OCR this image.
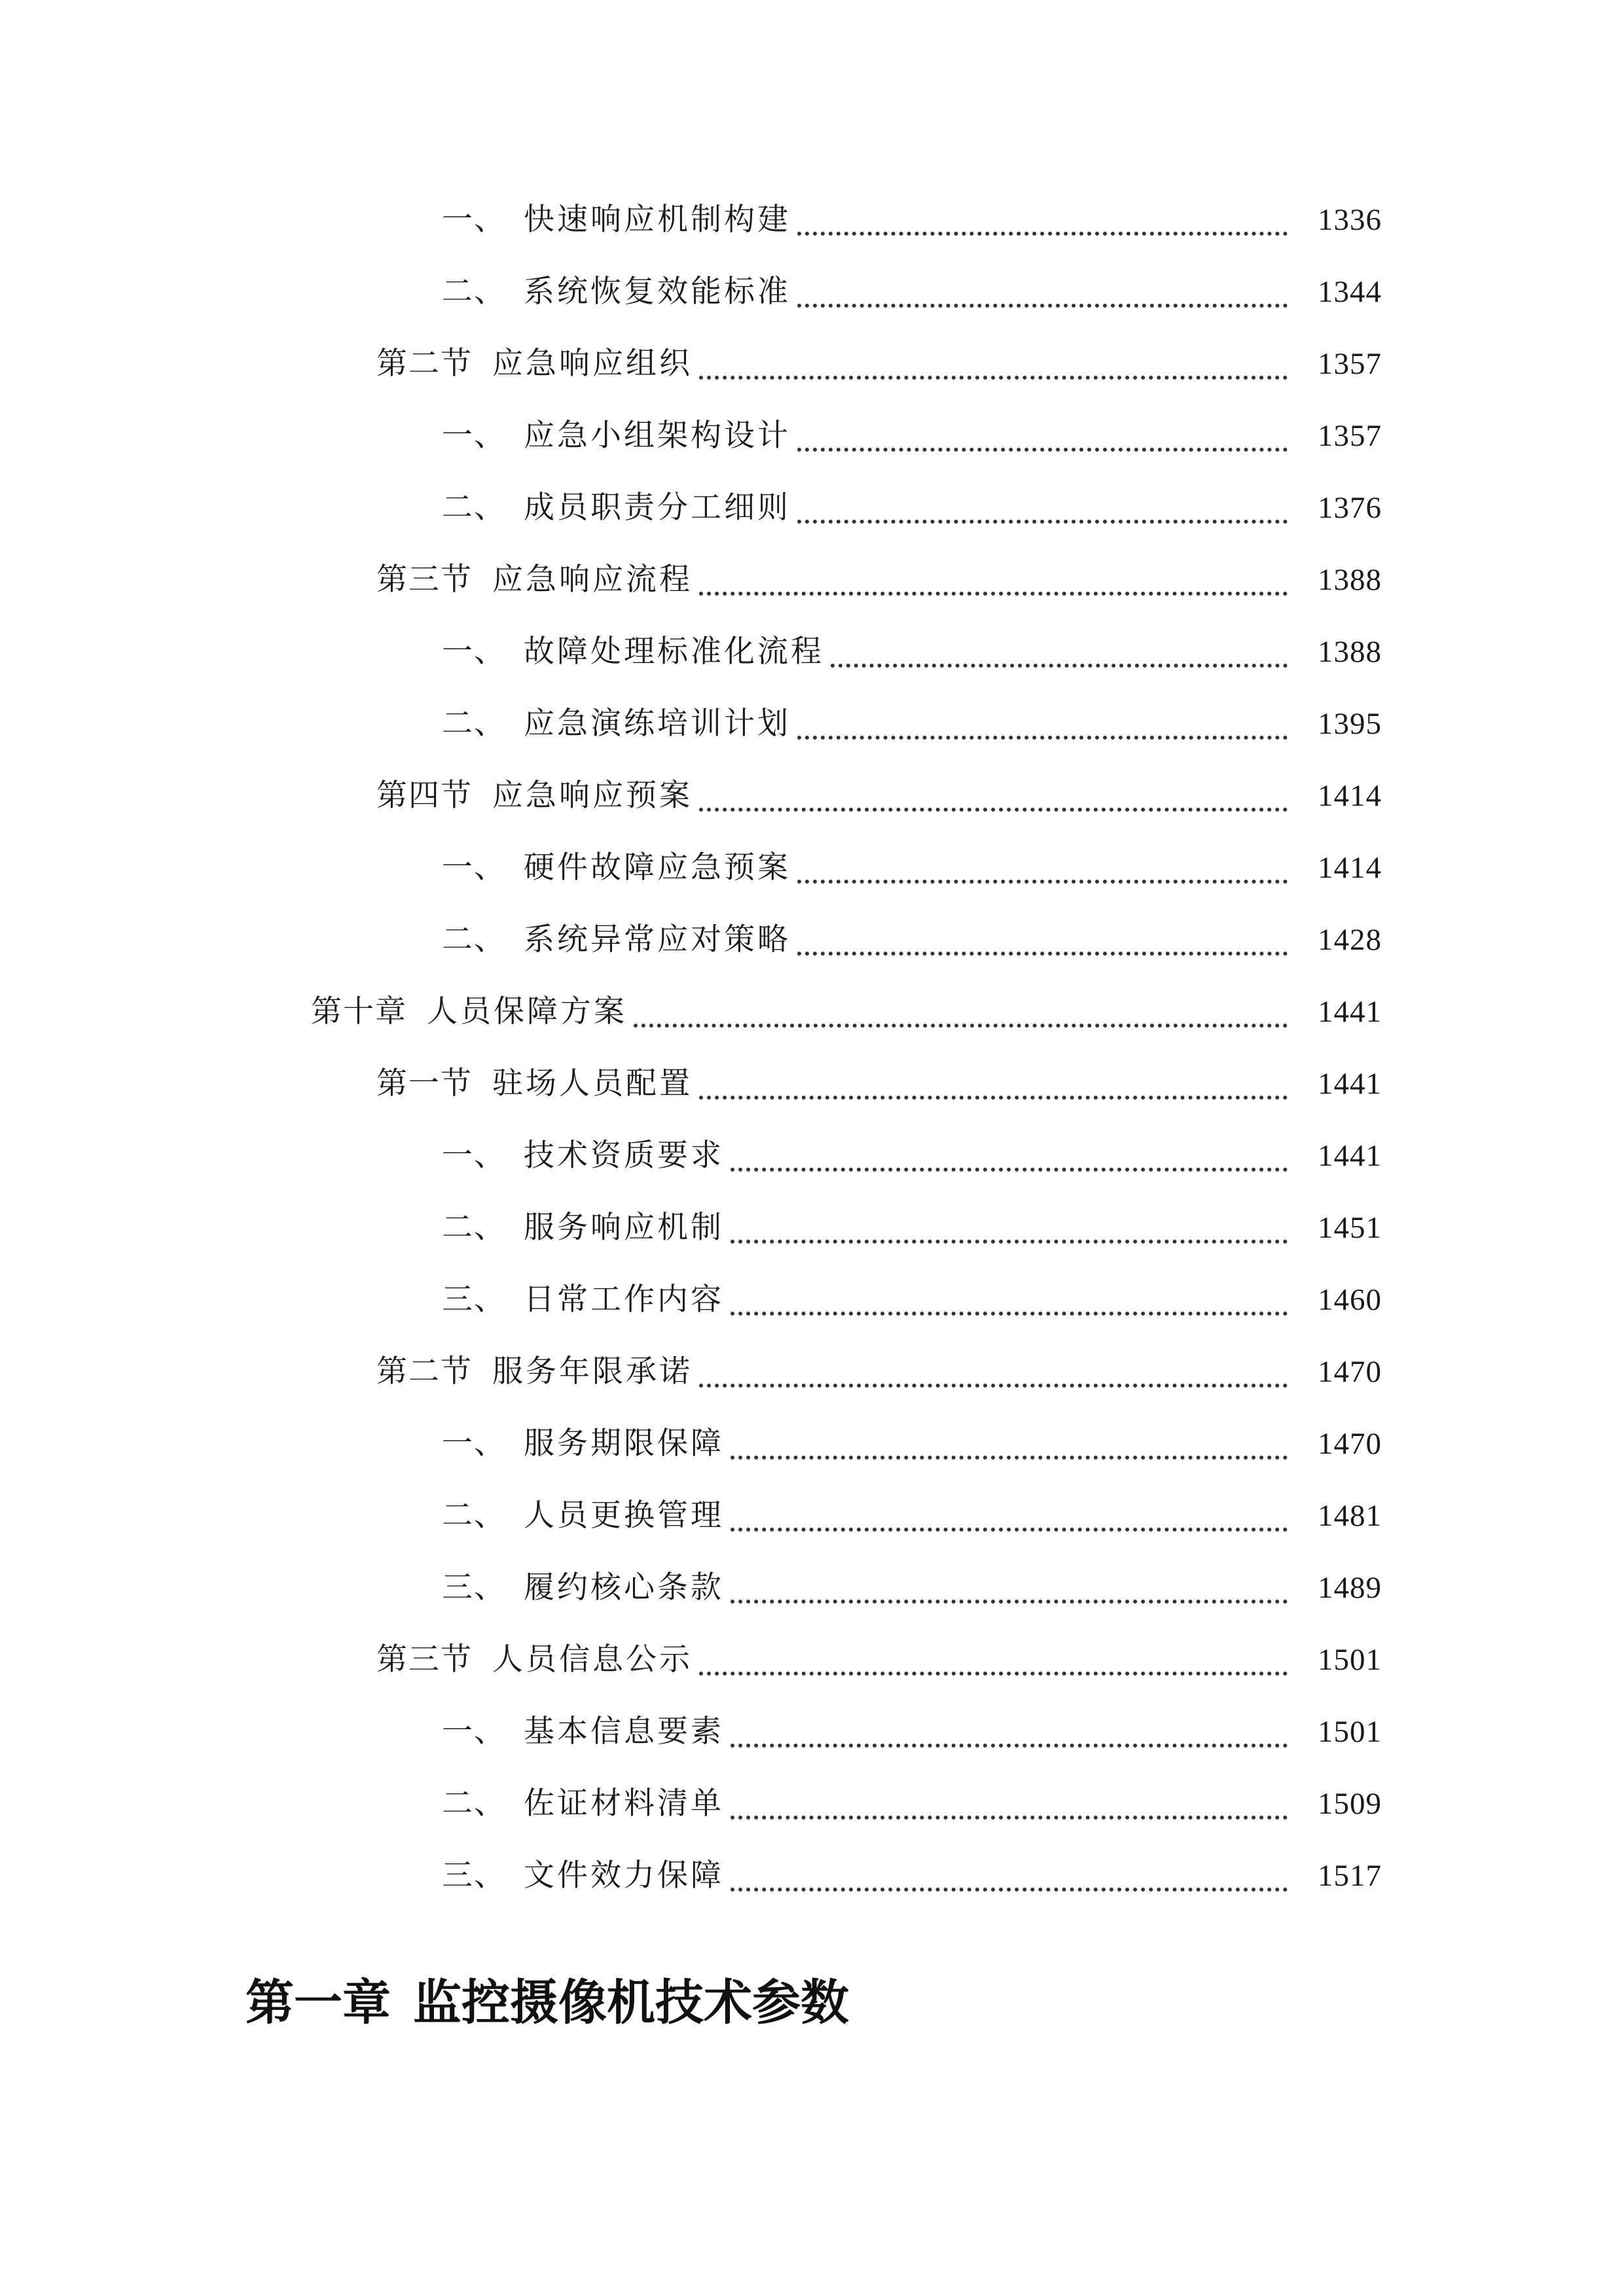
一、 快速响应机制构建	1336
二、 系统恢复效能标准	1344
第二节 应急响应组织	1357
一、 应急小组架构设计	1357
二、 成员职责分工细则	1376
第三节 应急响应流程	1388
一、 故障处理标准化流程	1388
二、 应急演练培训计划	1395
第四节 应急响应预案	1414
一、 硬件故障应急预案	1414
二、 系统异常应对策略	1428
第十章 人员保障方案	1441
第一节 驻场人员配置	1441
一、 技术资质要求	1441
二、 服务响应机制	1451
三、 日常工作内容	1460
第二节 服务年限承诺	1470
一、 服务期限保障	1470
二、 人员更换管理	1481
三、 履约核心条款	1489
第三节 人员信息公示	1501
一、 基本信息要素	1501
二、 佐证材料清单	1509
三、 文件效力保障	1517
第一章 监控摄像机技术参数
